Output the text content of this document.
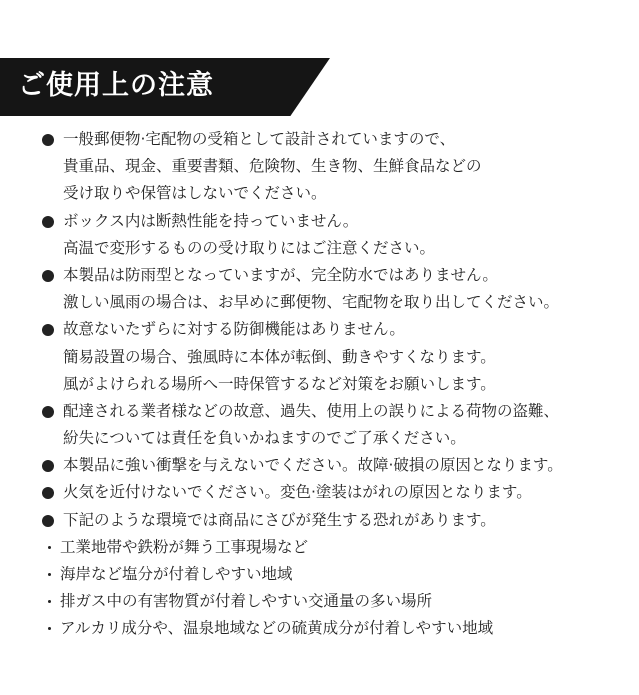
ご使用上の注意
一般郵便物·宅配物の受箱として設計されていますので、
貴重品、現金、重要書類、危険物、生き物、生鮮食品などの
受け取りや保管はしないでください。
ボックス内は断熱性能を持っていません。
高温で変形するものの受け取りにはご注意ください。
本製品は防雨型となっていますが、完全防水ではありません。
激しい風雨の場合は、お早めに郵便物、宅配物を取り出してください。
故意ないたずらに対する防御機能はありません。
簡易設置の場合、強風時に本体が転倒、動きやすくなります。
風がよけられる場所へ一時保管するなど対策をお願いします。
配達される業者様などの故意、過失、使用上の誤りによる荷物の盗難、
紛失については責任を負いかねますのでご了承ください。
本製品に強い衝撃を与えないでください。故障·破損の原因となります。
火気を近付けないでください。変色·塗装はがれの原因となります。
下記のような環境では商品にさびが発生する恐れがあります。
工業地帯や鉄粉が舞う工事現場など
海岸など塩分が付着しやすい地域
排ガス中の有害物質が付着しやすい交通量の多い場所
アルカリ成分や、温泉地域などの硫黄成分が付着しやすい地域
